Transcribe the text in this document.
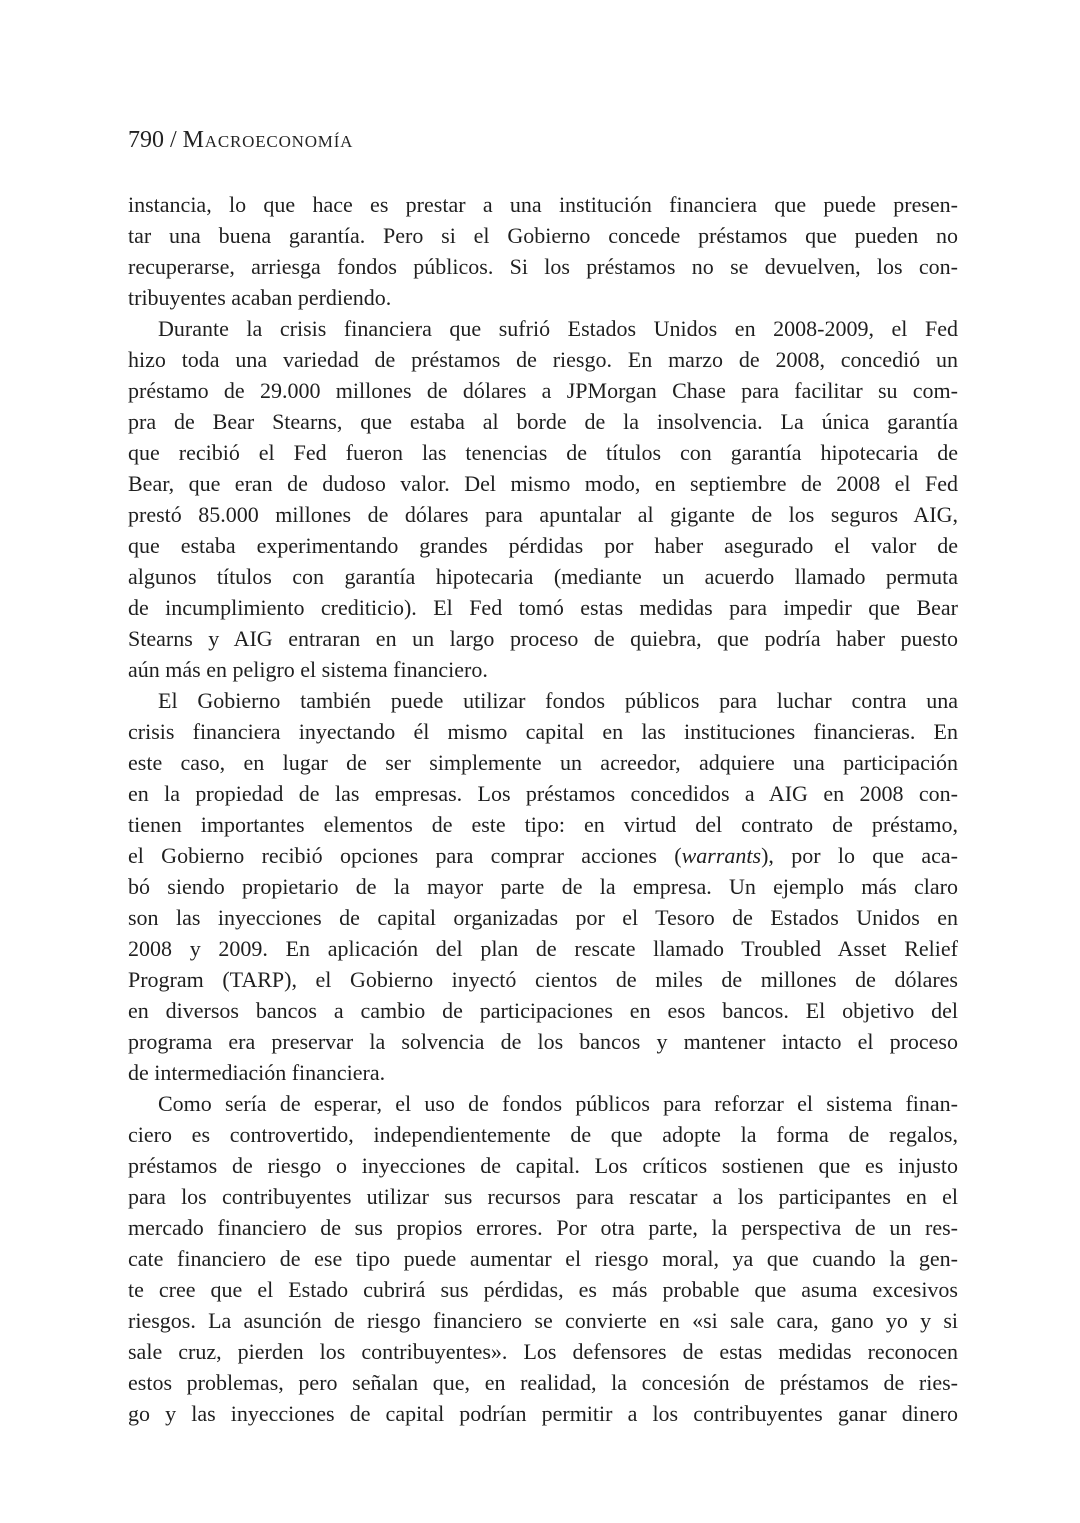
790 / Macroeconomía
instancia, lo que hace es prestar a una institución financiera que puede presen-
tar una buena garantía. Pero si el Gobierno concede préstamos que pueden no
recuperarse, arriesga fondos públicos. Si los préstamos no se devuelven, los con-
tribuyentes acaban perdiendo.
Durante la crisis financiera que sufrió Estados Unidos en 2008-2009, el Fed
hizo toda una variedad de préstamos de riesgo. En marzo de 2008, concedió un
préstamo de 29.000 millones de dólares a JPMorgan Chase para facilitar su com-
pra de Bear Stearns, que estaba al borde de la insolvencia. La única garantía
que recibió el Fed fueron las tenencias de títulos con garantía hipotecaria de
Bear, que eran de dudoso valor. Del mismo modo, en septiembre de 2008 el Fed
prestó 85.000 millones de dólares para apuntalar al gigante de los seguros AIG,
que estaba experimentando grandes pérdidas por haber asegurado el valor de
algunos títulos con garantía hipotecaria (mediante un acuerdo llamado permuta
de incumplimiento crediticio). El Fed tomó estas medidas para impedir que Bear
Stearns y AIG entraran en un largo proceso de quiebra, que podría haber puesto
aún más en peligro el sistema financiero.
El Gobierno también puede utilizar fondos públicos para luchar contra una
crisis financiera inyectando él mismo capital en las instituciones financieras. En
este caso, en lugar de ser simplemente un acreedor, adquiere una participación
en la propiedad de las empresas. Los préstamos concedidos a AIG en 2008 con-
tienen importantes elementos de este tipo: en virtud del contrato de préstamo,
el Gobierno recibió opciones para comprar acciones (warrants), por lo que aca-
bó siendo propietario de la mayor parte de la empresa. Un ejemplo más claro
son las inyecciones de capital organizadas por el Tesoro de Estados Unidos en
2008 y 2009. En aplicación del plan de rescate llamado Troubled Asset Relief
Program (TARP), el Gobierno inyectó cientos de miles de millones de dólares
en diversos bancos a cambio de participaciones en esos bancos. El objetivo del
programa era preservar la solvencia de los bancos y mantener intacto el proceso
de intermediación financiera.
Como sería de esperar, el uso de fondos públicos para reforzar el sistema finan-
ciero es controvertido, independientemente de que adopte la forma de regalos,
préstamos de riesgo o inyecciones de capital. Los críticos sostienen que es injusto
para los contribuyentes utilizar sus recursos para rescatar a los participantes en el
mercado financiero de sus propios errores. Por otra parte, la perspectiva de un res-
cate financiero de ese tipo puede aumentar el riesgo moral, ya que cuando la gen-
te cree que el Estado cubrirá sus pérdidas, es más probable que asuma excesivos
riesgos. La asunción de riesgo financiero se convierte en «si sale cara, gano yo y si
sale cruz, pierden los contribuyentes». Los defensores de estas medidas reconocen
estos problemas, pero señalan que, en realidad, la concesión de préstamos de ries-
go y las inyecciones de capital podrían permitir a los contribuyentes ganar dinero
